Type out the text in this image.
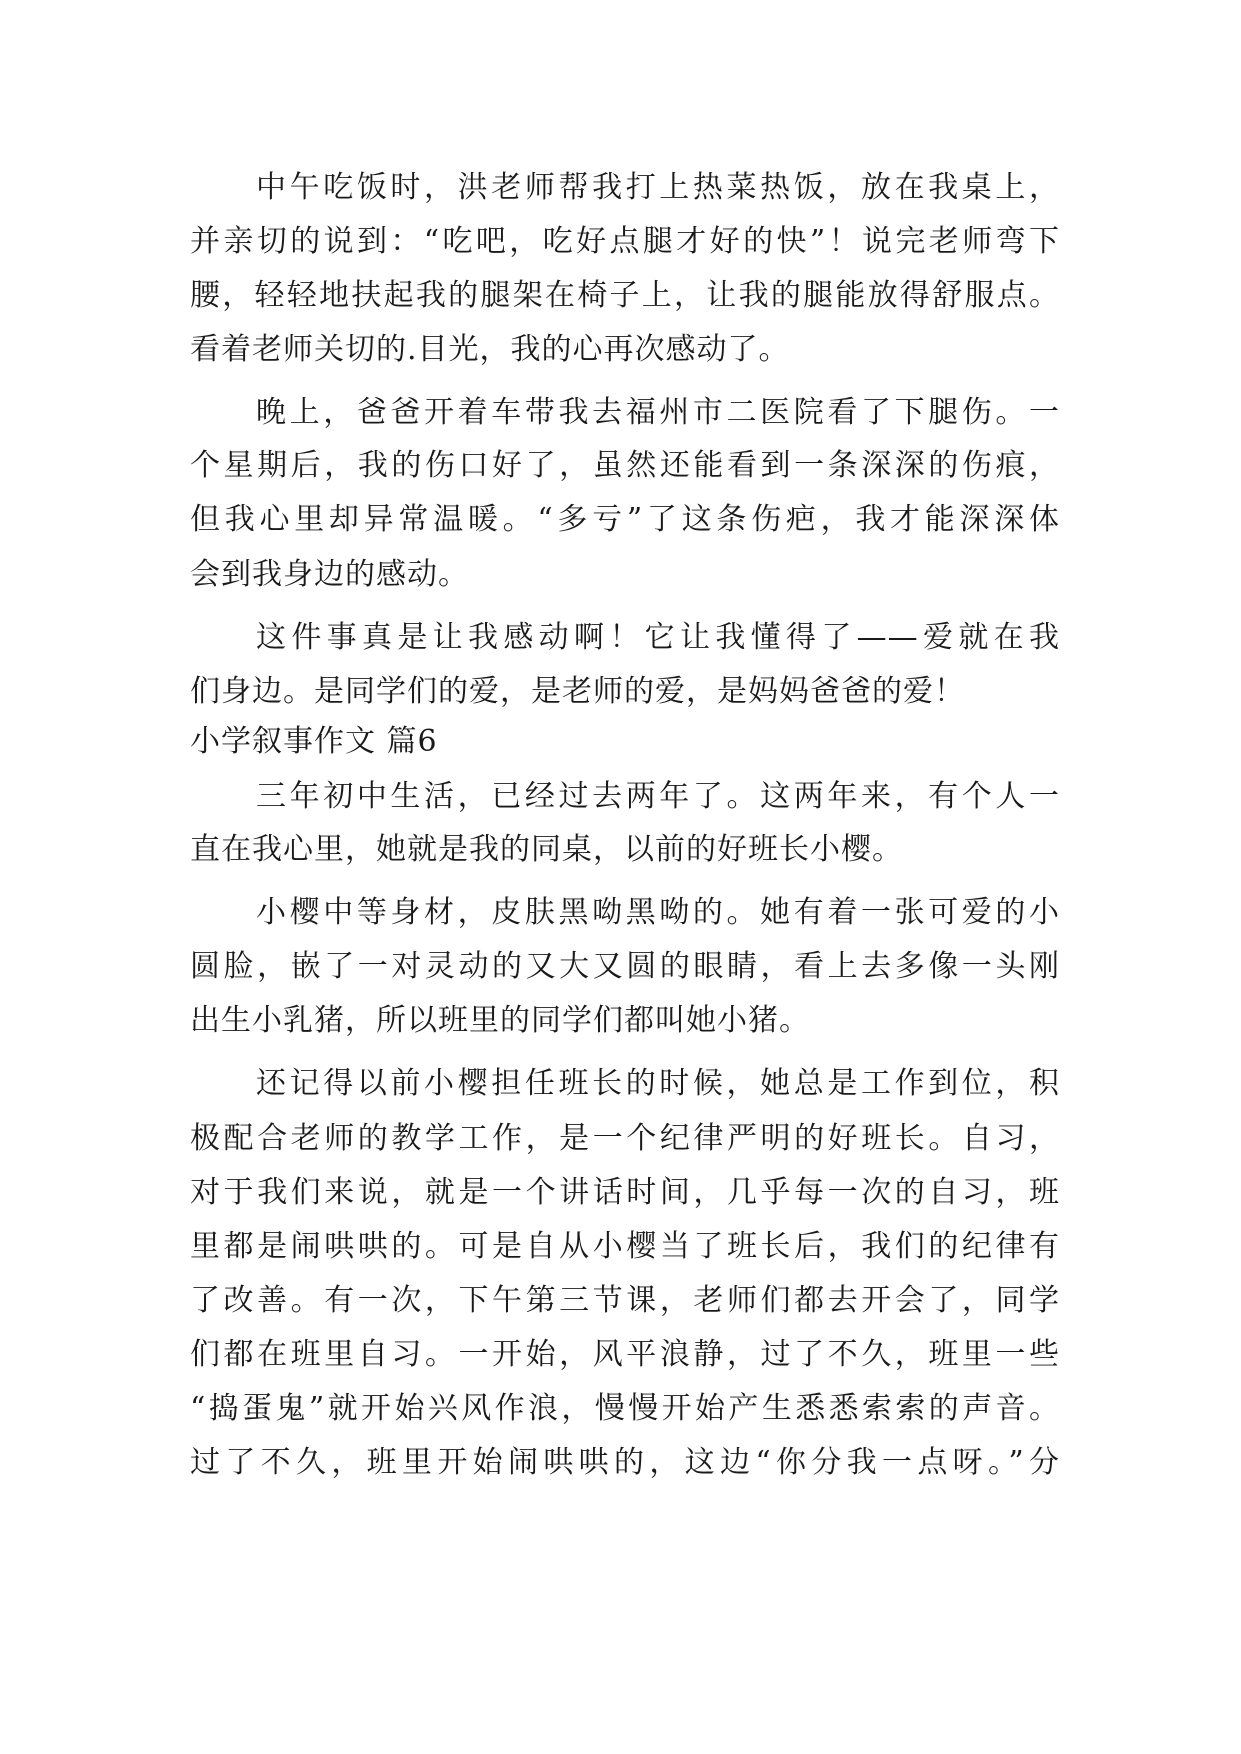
中午吃饭时，洪老师帮我打上热菜热饭，放在我桌上，
并亲切的说到：“吃吧，吃好点腿才好的快”！说完老师弯下
腰，轻轻地扶起我的腿架在椅子上，让我的腿能放得舒服点。
看着老师关切的.目光，我的心再次感动了。
晚上，爸爸开着车带我去福州市二医院看了下腿伤。一
个星期后，我的伤口好了，虽然还能看到一条深深的伤痕，
但我心里却异常温暖。“多亏”了这条伤疤，我才能深深体
会到我身边的感动。
这件事真是让我感动啊！它让我懂得了——爱就在我
们身边。是同学们的爱，是老师的爱，是妈妈爸爸的爱！
小学叙事作文 篇6
三年初中生活，已经过去两年了。这两年来，有个人一
直在我心里，她就是我的同桌，以前的好班长小樱。
小樱中等身材，皮肤黑呦黑呦的。她有着一张可爱的小
圆脸，嵌了一对灵动的又大又圆的眼睛，看上去多像一头刚
出生小乳猪，所以班里的同学们都叫她小猪。
还记得以前小樱担任班长的时候，她总是工作到位，积
极配合老师的教学工作，是一个纪律严明的好班长。自习，
对于我们来说，就是一个讲话时间，几乎每一次的自习，班
里都是闹哄哄的。可是自从小樱当了班长后，我们的纪律有
了改善。有一次，下午第三节课，老师们都去开会了，同学
们都在班里自习。一开始，风平浪静，过了不久，班里一些
“捣蛋鬼”就开始兴风作浪，慢慢开始产生悉悉索索的声音。
过了不久，班里开始闹哄哄的，这边“你分我一点呀。”分
